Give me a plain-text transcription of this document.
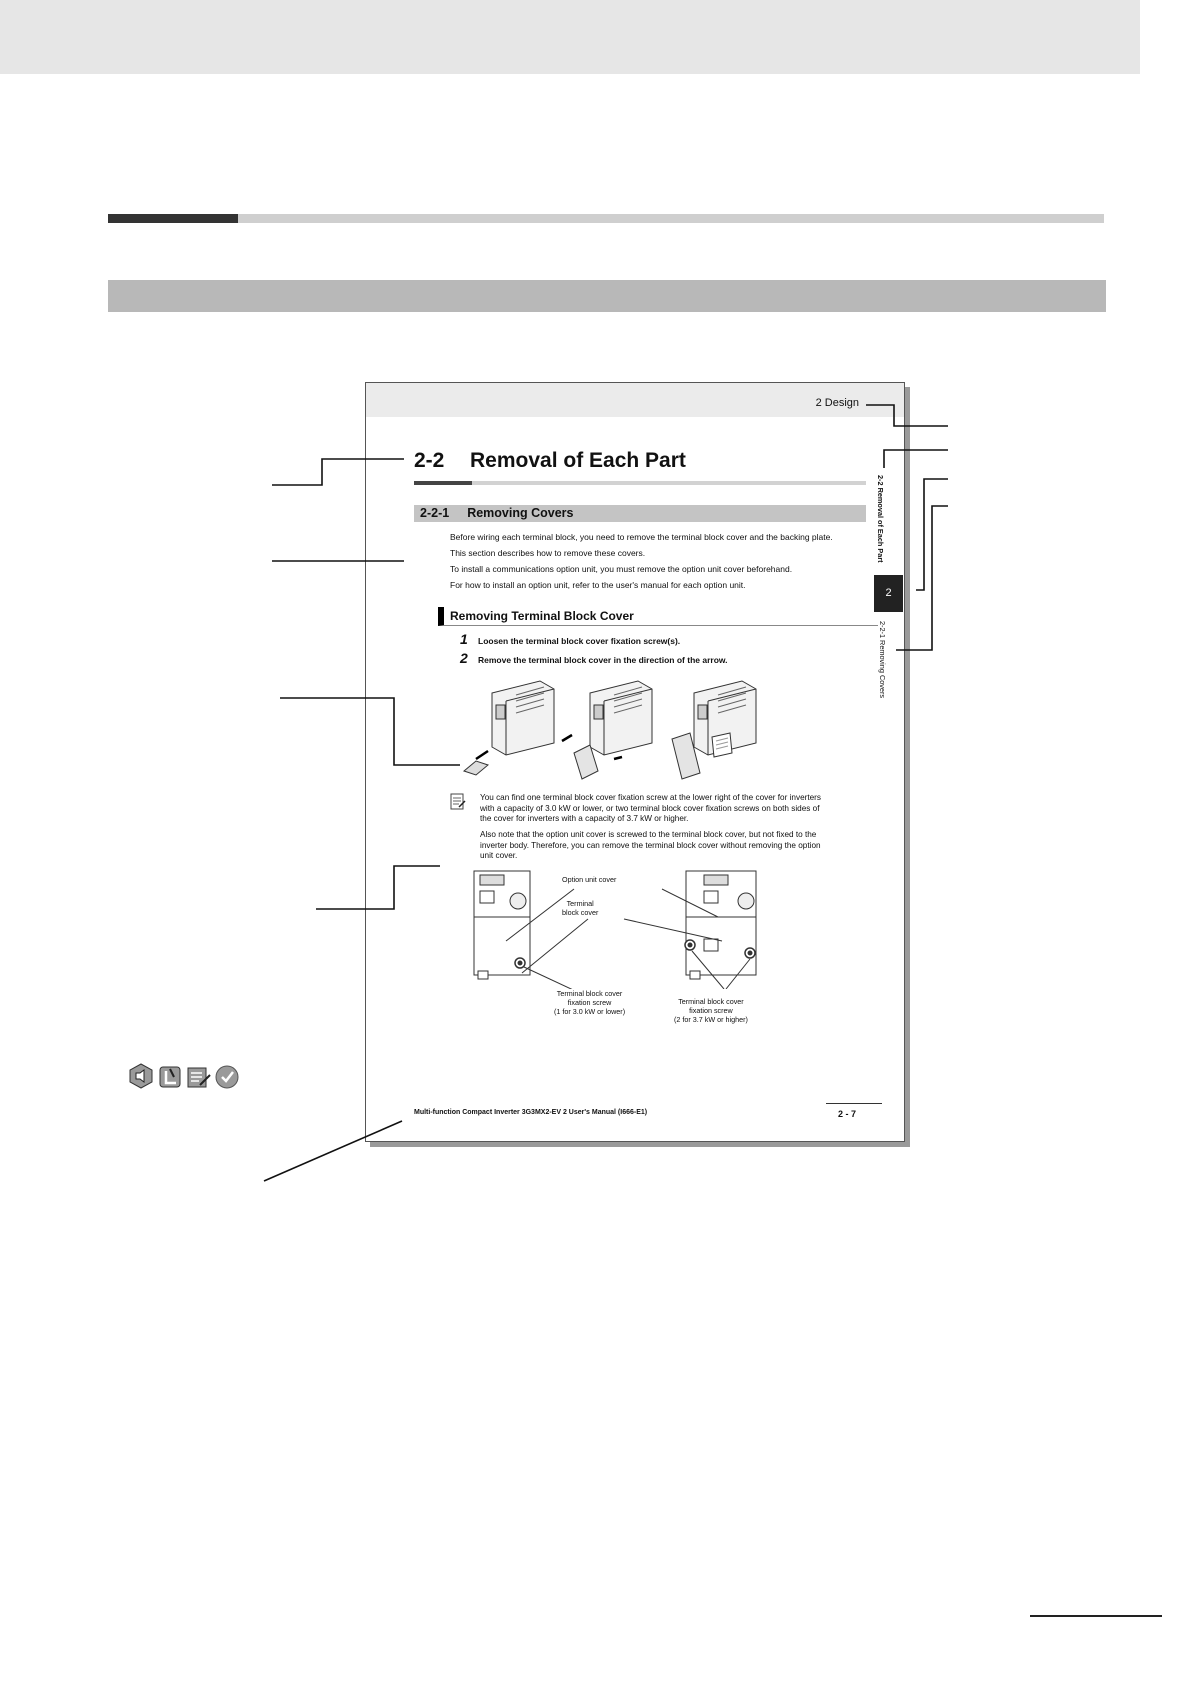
2 Design
2-2 Removal of Each Part
2-2-1 Removing Covers
Before wiring each terminal block, you need to remove the terminal block cover and the backing plate.
This section describes how to remove these covers.
To install a communications option unit, you must remove the option unit cover beforehand.
For how to install an option unit, refer to the user's manual for each option unit.
Removing Terminal Block Cover
1 Loosen the terminal block cover fixation screw(s).
2 Remove the terminal block cover in the direction of the arrow.
You can find one terminal block cover fixation screw at the lower right of the cover for inverters
with a capacity of 3.0 kW or lower, or two terminal block cover fixation screws on both sides of
the cover for inverters with a capacity of 3.7 kW or higher.
Also note that the option unit cover is screwed to the terminal block cover, but not fixed to the
inverter body. Therefore, you can remove the terminal block cover without removing the option
unit cover.
Option unit cover
Terminal
block cover
Terminal block cover
fixation screw
(1 for 3.0 kW or lower)
Terminal block cover
fixation screw
(2 for 3.7 kW or higher)
2-2 Removal of Each Part
2
2-2-1 Removing Covers
Multi-function Compact Inverter 3G3MX2-EV 2 User's Manual (I666-E1)	2 - 7
